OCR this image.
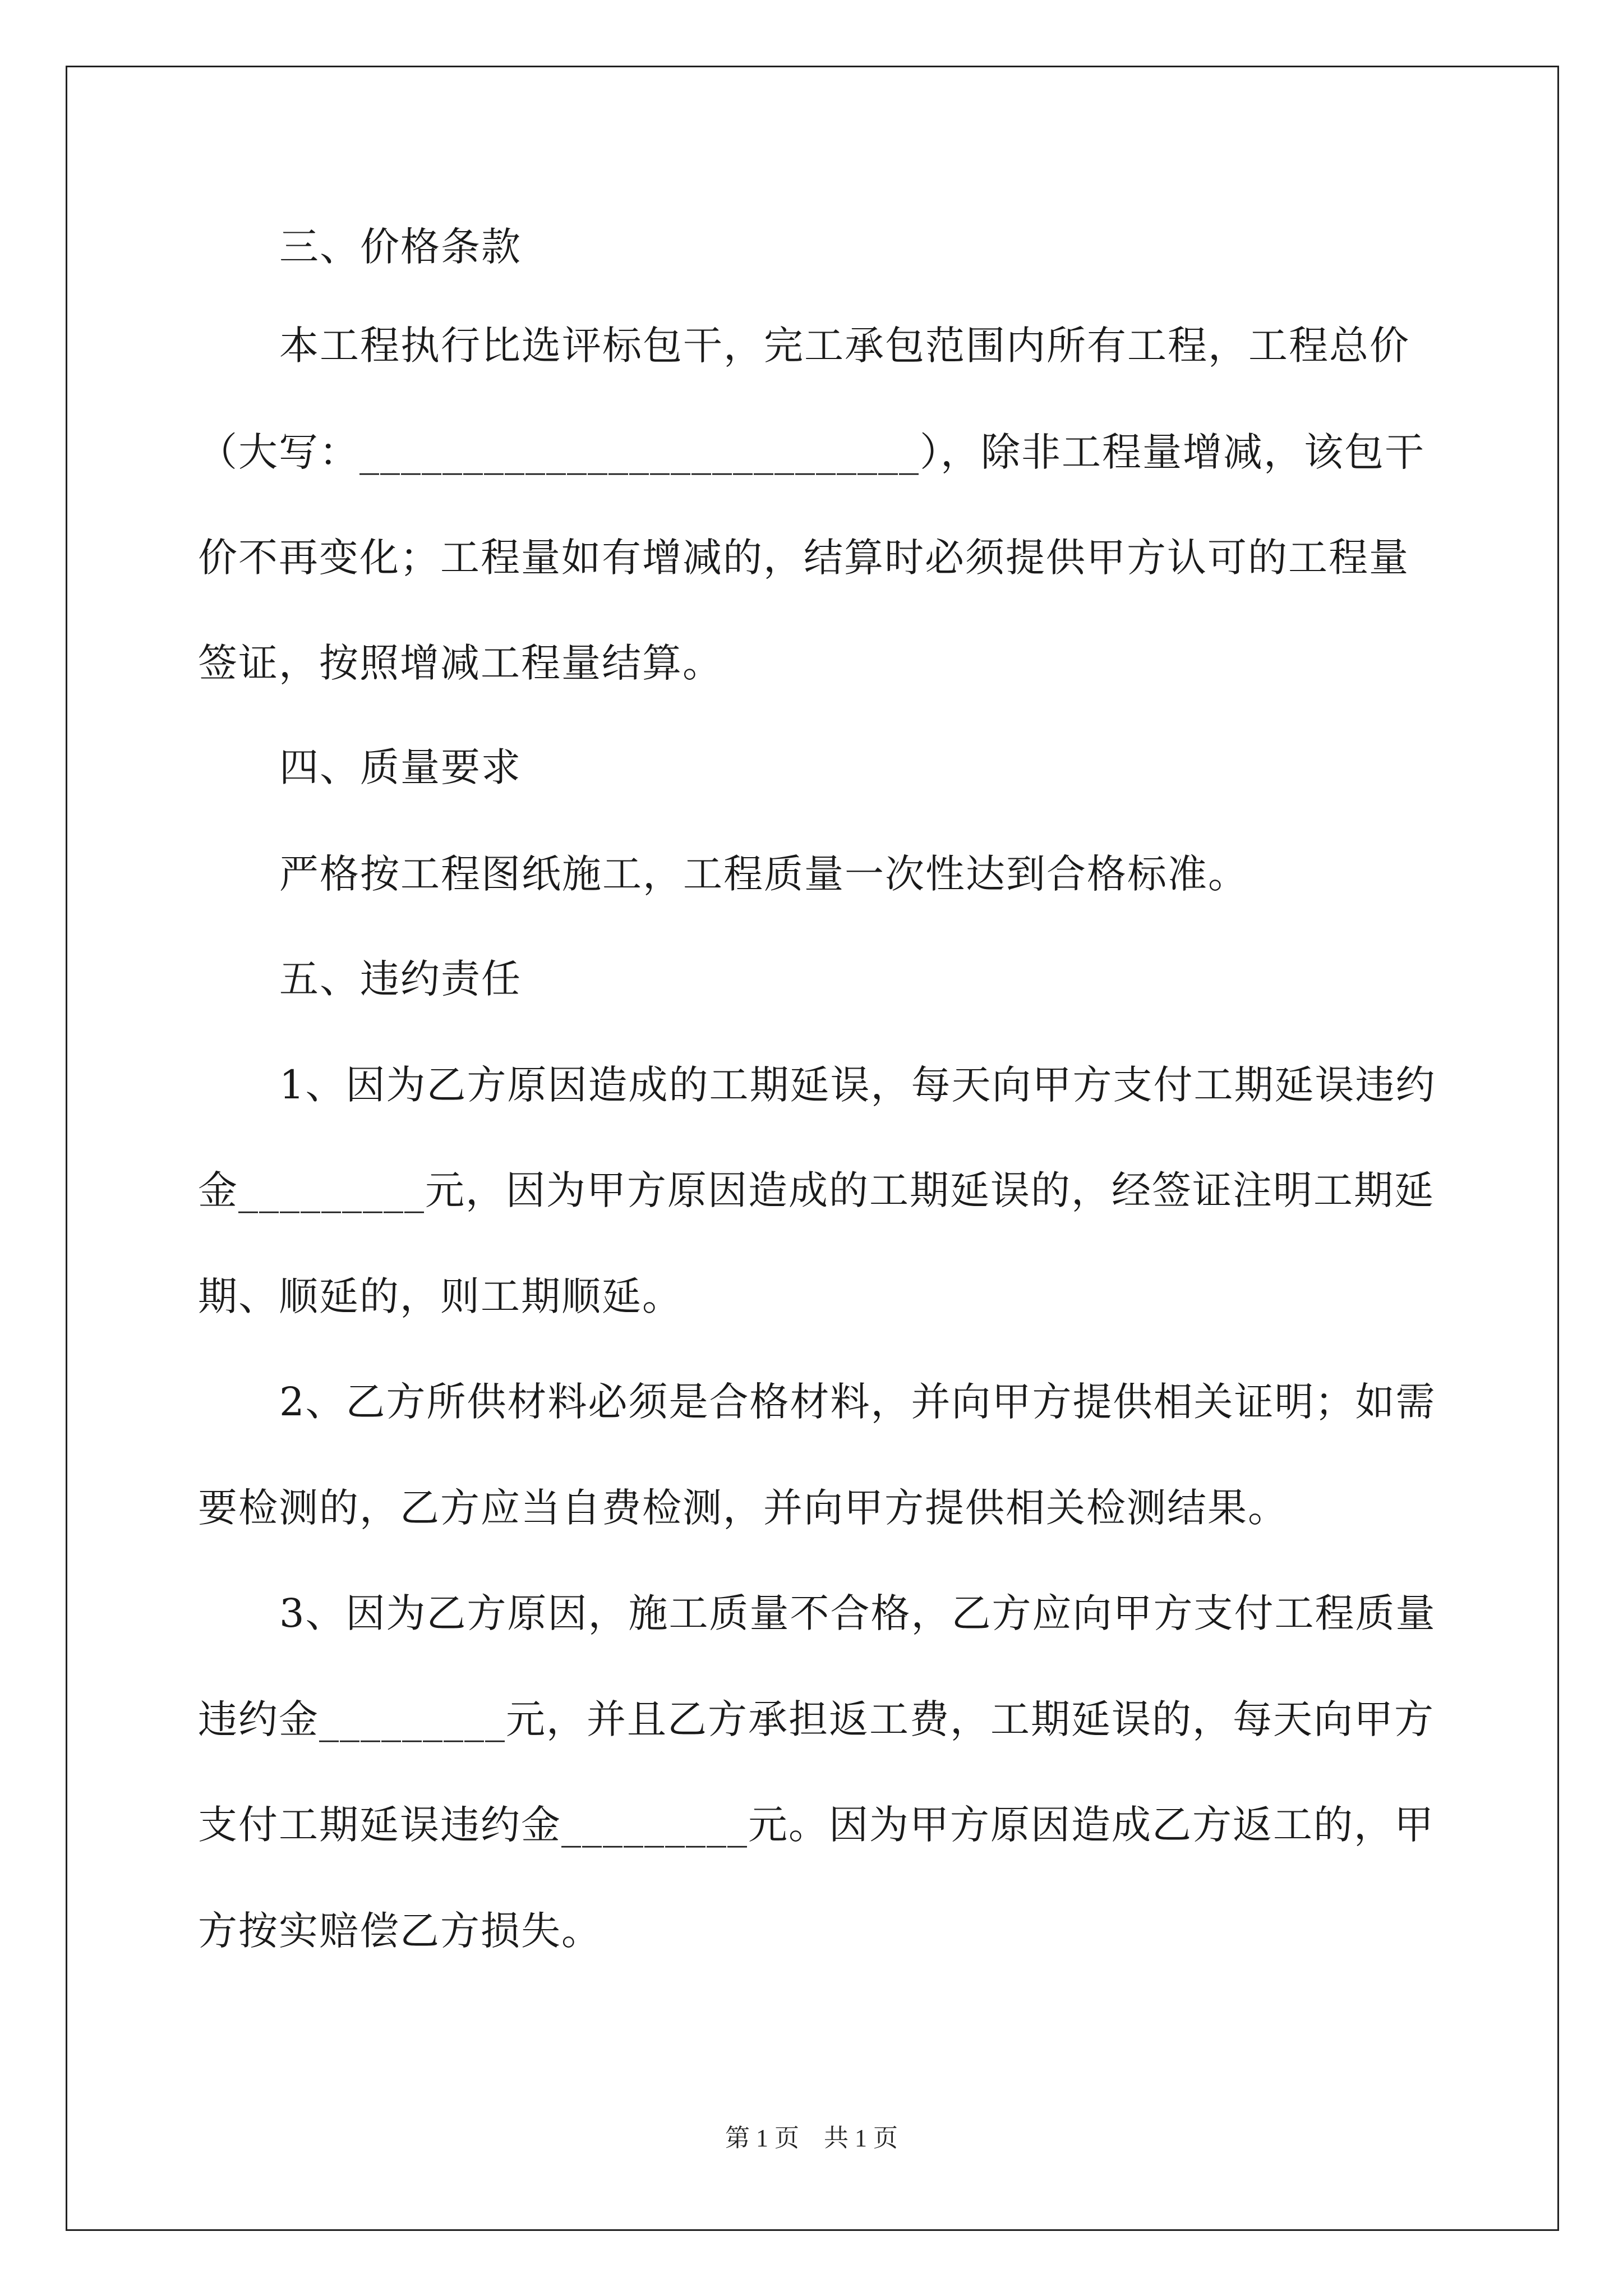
三、价格条款
本工程执行比选评标包干，完工承包范围内所有工程，工程总价
（大写：___________________________），除非工程量增减，该包干
价不再变化；工程量如有增减的，结算时必须提供甲方认可的工程量
签证，按照增减工程量结算。
四、质量要求
严格按工程图纸施工，工程质量一次性达到合格标准。
五、违约责任
1、因为乙方原因造成的工期延误，每天向甲方支付工期延误违约
金_________元，因为甲方原因造成的工期延误的，经签证注明工期延
期、顺延的，则工期顺延。
2、乙方所供材料必须是合格材料，并向甲方提供相关证明；如需
要检测的，乙方应当自费检测，并向甲方提供相关检测结果。
3、因为乙方原因，施工质量不合格，乙方应向甲方支付工程质量
违约金_________元，并且乙方承担返工费，工期延误的，每天向甲方
支付工期延误违约金_________元。因为甲方原因造成乙方返工的，甲
方按实赔偿乙方损失。
第 1 页    共 1 页
